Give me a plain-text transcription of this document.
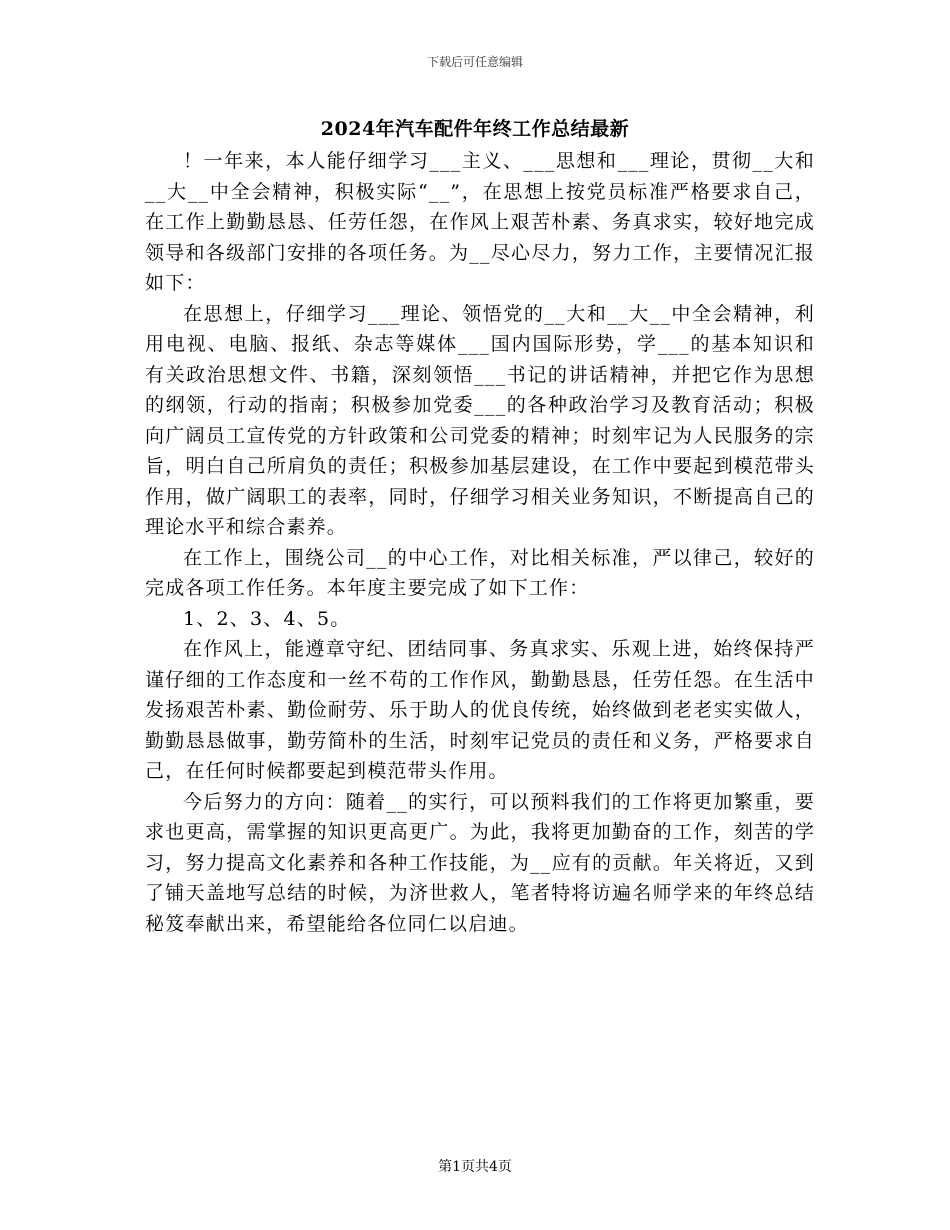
下载后可任意编辑
2024年汽车配件年终工作总结最新

！一年来，本人能仔细学习___主义、___思想和___理论，贯彻__大和__大__中全会精神，积极实际“__”，在思想上按党员标准严格要求自己，在工作上勤勤恳恳、任劳任怨，在作风上艰苦朴素、务真求实，较好地完成领导和各级部门安排的各项任务。为__尽心尽力，努力工作，主要情况汇报如下：

在思想上，仔细学习___理论、领悟党的__大和__大__中全会精神，利用电视、电脑、报纸、杂志等媒体___国内国际形势，学___的基本知识和有关政治思想文件、书籍，深刻领悟___书记的讲话精神，并把它作为思想的纲领，行动的指南；积极参加党委___的各种政治学习及教育活动；积极向广阔员工宣传党的方针政策和公司党委的精神；时刻牢记为人民服务的宗旨，明白自己所肩负的责任；积极参加基层建设，在工作中要起到模范带头作用，做广阔职工的表率，同时，仔细学习相关业务知识，不断提高自己的理论水平和综合素养。

在工作上，围绕公司__的中心工作，对比相关标准，严以律己，较好的完成各项工作任务。本年度主要完成了如下工作：

1、2、3、4、5。

在作风上，能遵章守纪、团结同事、务真求实、乐观上进，始终保持严谨仔细的工作态度和一丝不苟的工作作风，勤勤恳恳，任劳任怨。在生活中发扬艰苦朴素、勤俭耐劳、乐于助人的优良传统，始终做到老老实实做人，勤勤恳恳做事，勤劳简朴的生活，时刻牢记党员的责任和义务，严格要求自己，在任何时候都要起到模范带头作用。

今后努力的方向：随着__的实行，可以预料我们的工作将更加繁重，要求也更高，需掌握的知识更高更广。为此，我将更加勤奋的工作，刻苦的学习，努力提高文化素养和各种工作技能，为__应有的贡献。年关将近，又到了铺天盖地写总结的时候，为济世救人，笔者特将访遍名师学来的年终总结秘笈奉献出来，希望能给各位同仁以启迪。

第1页共4页
